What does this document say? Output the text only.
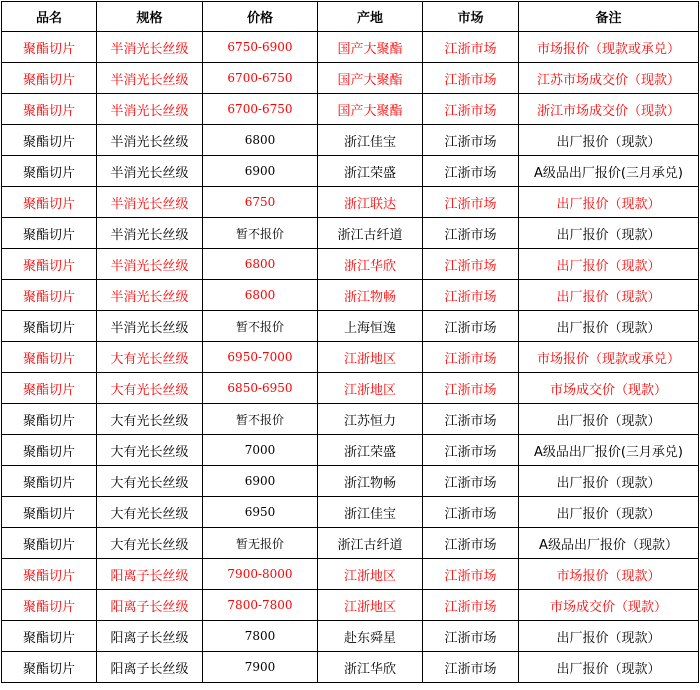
品名	规格	价格	产地	市场	备注
聚酯切片	半消光长丝级	6750-6900	国产大聚酯	江浙市场	市场报价（现款或承兑）
聚酯切片	半消光长丝级	6700-6750	国产大聚酯	江浙市场	江苏市场成交价（现款）
聚酯切片	半消光长丝级	6700-6750	国产大聚酯	江浙市场	浙江市场成交价（现款）
聚酯切片	半消光长丝级	6800	浙江佳宝	江浙市场	出厂报价（现款）
聚酯切片	半消光长丝级	6900	浙江荣盛	江浙市场	A级品出厂报价(三月承兑)
聚酯切片	半消光长丝级	6750	浙江联达	江浙市场	出厂报价（现款）
聚酯切片	半消光长丝级	暂不报价	浙江古纤道	江浙市场	出厂报价（现款）
聚酯切片	半消光长丝级	6800	浙江华欣	江浙市场	出厂报价（现款）
聚酯切片	半消光长丝级	6800	浙江物畅	江浙市场	出厂报价（现款）
聚酯切片	半消光长丝级	暂不报价	上海恒逸	江浙市场	出厂报价（现款）
聚酯切片	大有光长丝级	6950-7000	江浙地区	江浙市场	市场报价（现款或承兑）
聚酯切片	大有光长丝级	6850-6950	江浙地区	江浙市场	市场成交价（现款）
聚酯切片	大有光长丝级	暂不报价	江苏恒力	江浙市场	出厂报价（现款）
聚酯切片	大有光长丝级	7000	浙江荣盛	江浙市场	A级品出厂报价(三月承兑)
聚酯切片	大有光长丝级	6900	浙江物畅	江浙市场	出厂报价（现款）
聚酯切片	大有光长丝级	6950	浙江佳宝	江浙市场	出厂报价（现款）
聚酯切片	大有光长丝级	暂无报价	浙江古纤道	江浙市场	A级品出厂报价（现款）
聚酯切片	阳离子长丝级	7900-8000	江浙地区	江浙市场	市场报价（现款）
聚酯切片	阳离子长丝级	7800-7800	江浙地区	江浙市场	市场成交价（现款）
聚酯切片	阳离子长丝级	7800	赴东舜星	江浙市场	出厂报价（现款）
聚酯切片	阳离子长丝级	7900	浙江华欣	江浙市场	出厂报价（现款）
